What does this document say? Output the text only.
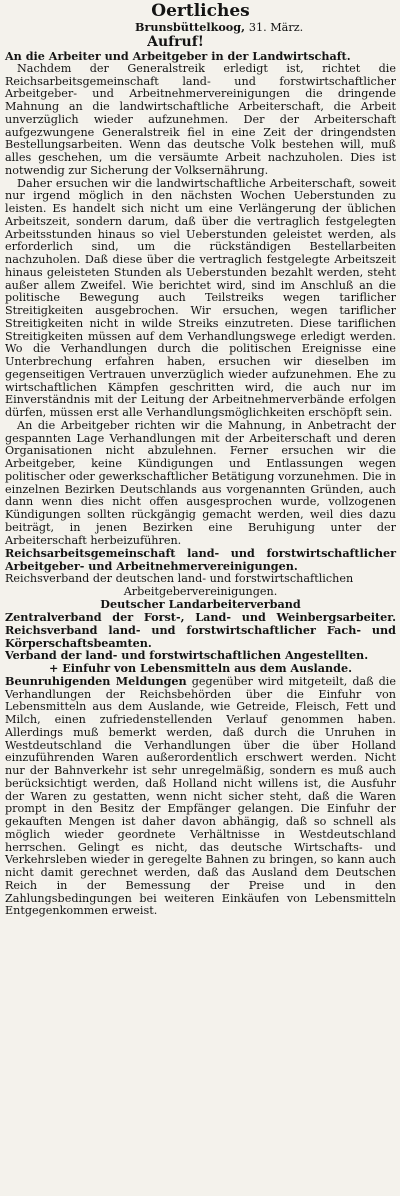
Oertliches
Brunsbüttelkoog, 31. März.
Aufruf!

An die Arbeiter und Arbeitgeber in der Landwirtschaft.

Nachdem der Generalstreik erledigt ist, richtet die Reichsarbeitsgemeinschaft land- und forstwirtschaftlicher Arbeitgeber- und Arbeitnehmervereinigungen die dringende Mahnung an die landwirtschaftliche Arbeiterschaft, die Arbeit unverzüglich wieder aufzunehmen. Der der Arbeiterschaft aufgezwungene Generalstreik fiel in eine Zeit der dringendsten Bestellungsarbeiten. Wenn das deutsche Volk bestehen will, muß alles geschehen, um die versäumte Arbeit nachzuholen. Dies ist notwendig zur Sicherung der Volksernährung.

Daher ersuchen wir die landwirtschaftliche Arbeiterschaft, soweit nur irgend möglich in den nächsten Wochen Ueberstunden zu leisten. Es handelt sich nicht um eine Verlängerung der üblichen Arbeitszeit, sondern darum, daß über die vertraglich festgelegten Arbeitsstunden hinaus so viel Ueberstunden geleistet werden, als erforderlich sind, um die rückständigen Bestellarbeiten nachzuholen. Daß diese über die vertraglich festgelegte Arbeitszeit hinaus geleisteten Stunden als Ueberstunden bezahlt werden, steht außer allem Zweifel. Wie berichtet wird, sind im Anschluß an die politische Bewegung auch Teilstreiks wegen tariflicher Streitigkeiten ausgebrochen. Wir ersuchen, wegen tariflicher Streitigkeiten nicht in wilde Streiks einzutreten. Diese tariflichen Streitigkeiten müssen auf dem Verhandlungswege erledigt werden. Wo die Verhandlungen durch die politischen Ereignisse eine Unterbrechung erfahren haben, ersuchen wir dieselben im gegenseitigen Vertrauen unverzüglich wieder aufzunehmen. Ehe zu wirtschaftlichen Kämpfen geschritten wird, die auch nur im Einverständnis mit der Leitung der Arbeitnehmerverbände erfolgen dürfen, müssen erst alle Verhandlungsmöglichkeiten erschöpft sein.

An die Arbeitgeber richten wir die Mahnung, in Anbetracht der gespannten Lage Verhandlungen mit der Arbeiterschaft und deren Organisationen nicht abzulehnen. Ferner ersuchen wir die Arbeitgeber, keine Kündigungen und Entlassungen wegen politischer oder gewerkschaftlicher Betätigung vorzunehmen. Die in einzelnen Bezirken Deutschlands aus vorgenannten Gründen, auch dann wenn dies nicht offen ausgesprochen wurde, vollzogenen Kündigungen sollten rückgängig gemacht werden, weil dies dazu beiträgt, in jenen Bezirken eine Beruhigung unter der Arbeiterschaft herbeizuführen.

Reichsarbeitsgemeinschaft land- und forstwirtschaftlicher Arbeitgeber- und Arbeitnehmervereinigungen.

Reichsverband der deutschen land- und forstwirtschaftlichen

Arbeitgebervereinigungen.

Deutscher Landarbeiterverband

Zentralverband der Forst-, Land- und Weinbergsarbeiter. Reichsverband land- und forstwirtschaftlicher Fach- und Körperschaftsbeamten.

Verband der land- und forstwirtschaftlichen Angestellten.

+ Einfuhr von Lebensmitteln aus dem Auslande.

Beunruhigenden Meldungen gegenüber wird mitgeteilt, daß die Verhandlungen der Reichsbehörden über die Einfuhr von Lebensmitteln aus dem Auslande, wie Getreide, Fleisch, Fett und Milch, einen zufriedenstellenden Verlauf genommen haben. Allerdings muß bemerkt werden, daß durch die Unruhen in Westdeutschland die Verhandlungen über die über Holland einzuführenden Waren außerordentlich erschwert werden. Nicht nur der Bahnverkehr ist sehr unregelmäßig, sondern es muß auch berücksichtigt werden, daß Holland nicht willens ist, die Ausfuhr der Waren zu gestatten, wenn nicht sicher steht, daß die Waren prompt in den Besitz der Empfänger gelangen. Die Einfuhr der gekauften Mengen ist daher davon abhängig, daß so schnell als möglich wieder geordnete Verhältnisse in Westdeutschland herrschen. Gelingt es nicht, das deutsche Wirtschafts- und Verkehrsleben wieder in geregelte Bahnen zu bringen, so kann auch nicht damit gerechnet werden, daß das Ausland dem Deutschen Reich in der Bemessung der Preise und in den Zahlungsbedingungen bei weiteren Einkäufen von Lebensmitteln Entgegenkommen erweist.
